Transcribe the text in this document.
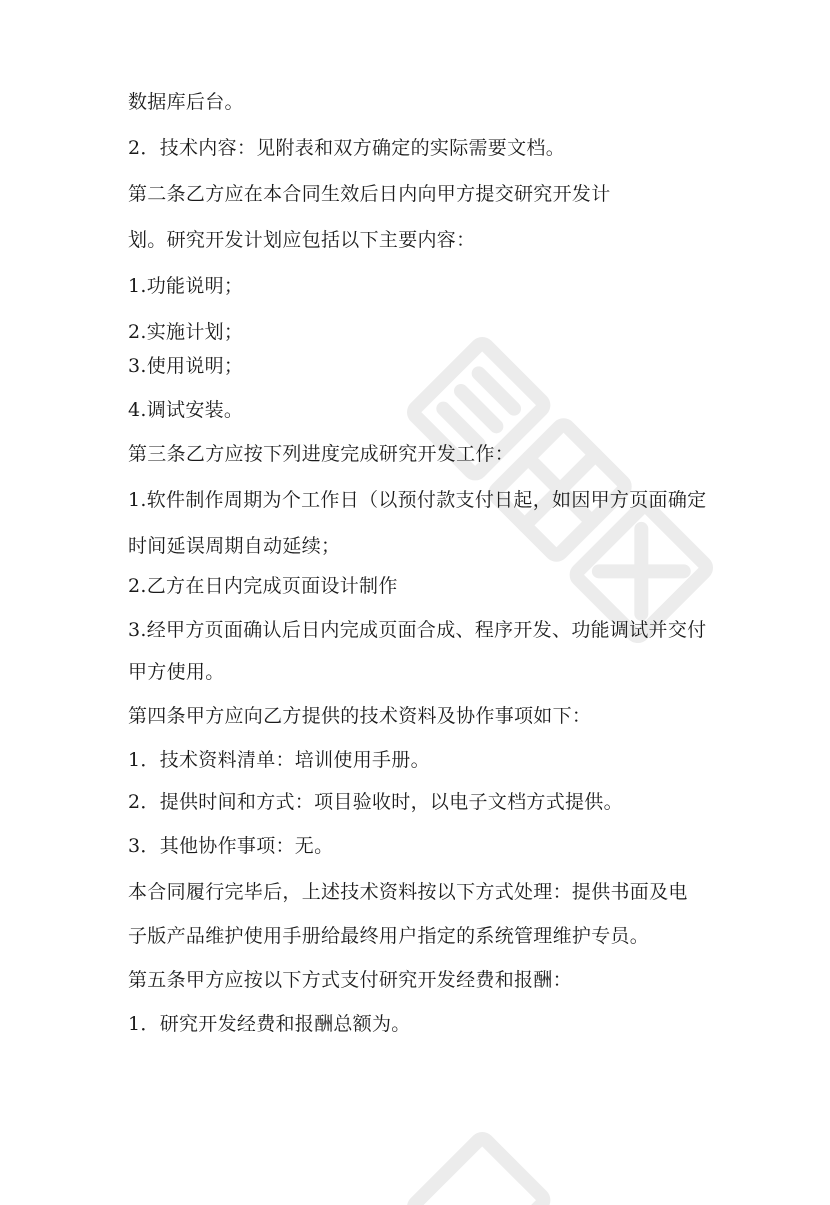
数据库后台。
2．技术内容：见附表和双方确定的实际需要文档。
第二条乙方应在本合同生效后日内向甲方提交研究开发计
划。研究开发计划应包括以下主要内容：
1.功能说明；
2.实施计划；
3.使用说明；
4.调试安装。
第三条乙方应按下列进度完成研究开发工作：
1.软件制作周期为个工作日（以预付款支付日起，如因甲方页面确定
时间延误周期自动延续；
2.乙方在日内完成页面设计制作
3.经甲方页面确认后日内完成页面合成、程序开发、功能调试并交付
甲方使用。
第四条甲方应向乙方提供的技术资料及协作事项如下：
1．技术资料清单：培训使用手册。
2．提供时间和方式：项目验收时，以电子文档方式提供。
3．其他协作事项：无。
本合同履行完毕后，上述技术资料按以下方式处理：提供书面及电
子版产品维护使用手册给最终用户指定的系统管理维护专员。
第五条甲方应按以下方式支付研究开发经费和报酬：
1．研究开发经费和报酬总额为。
